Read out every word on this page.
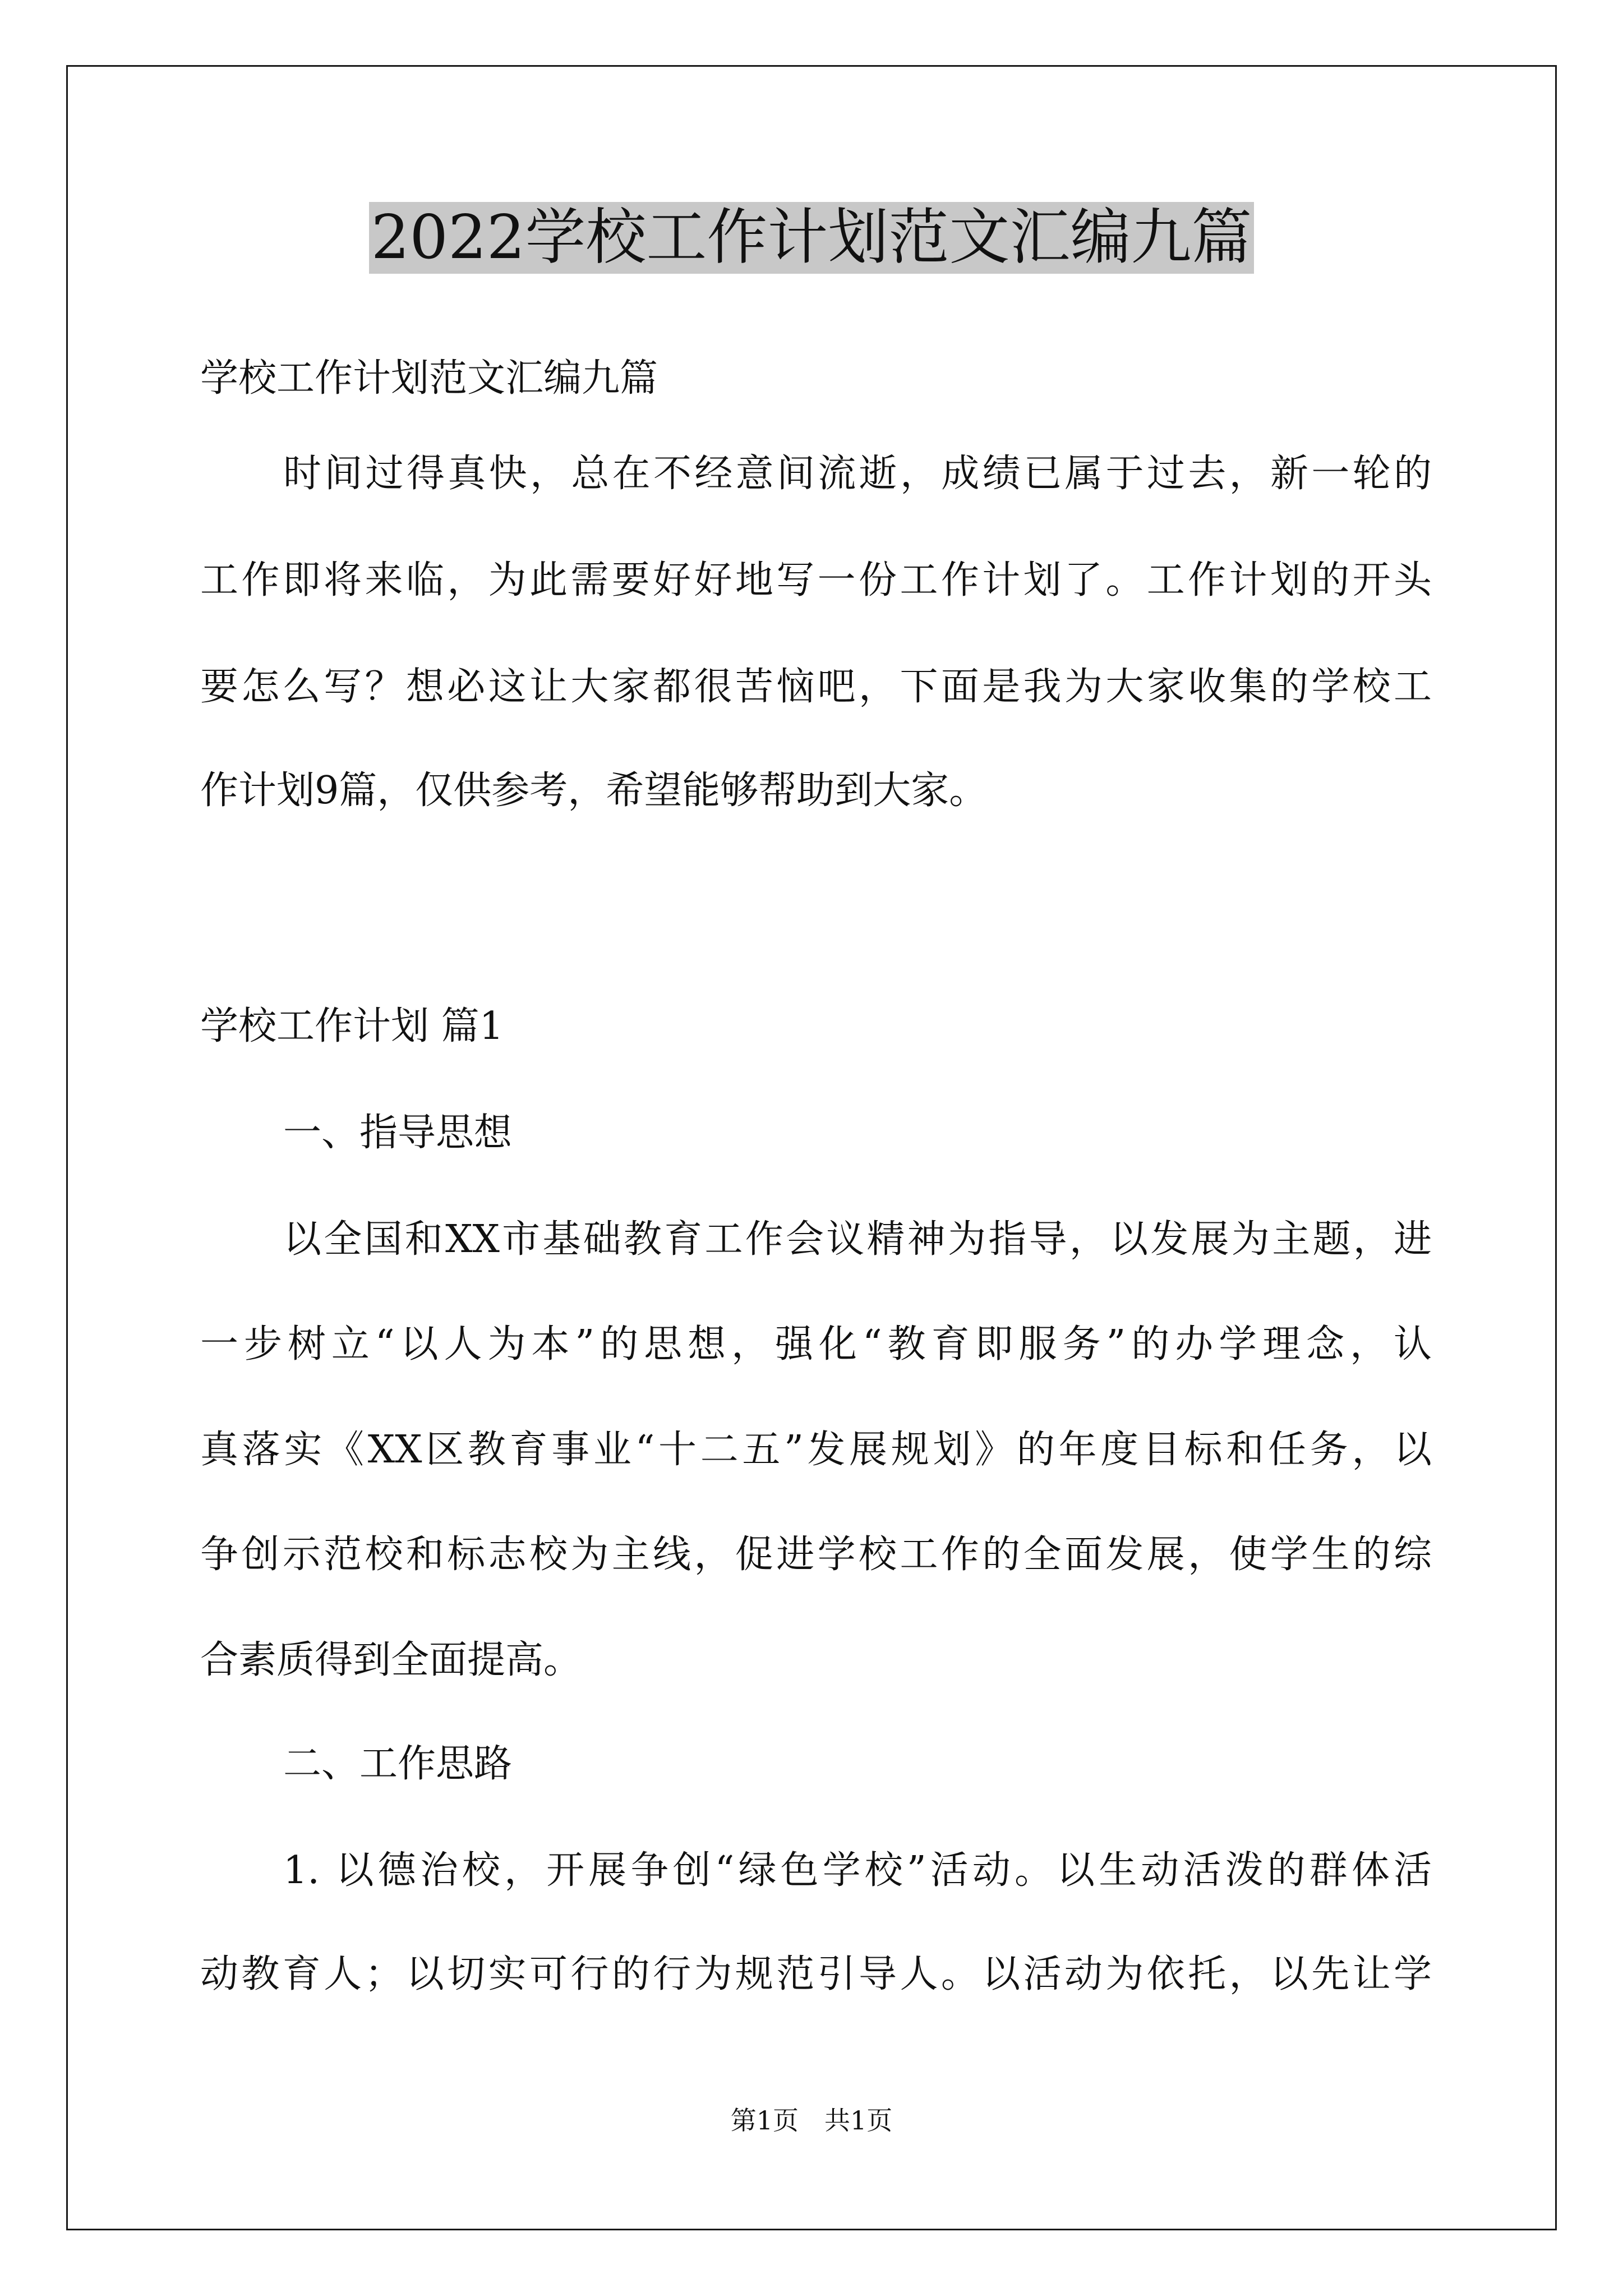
2022学校工作计划范文汇编九篇
学校工作计划范文汇编九篇
时间过得真快，总在不经意间流逝，成绩已属于过去，新一轮的
工作即将来临，为此需要好好地写一份工作计划了。工作计划的开头
要怎么写？想必这让大家都很苦恼吧，下面是我为大家收集的学校工
作计划9篇，仅供参考，希望能够帮助到大家。
学校工作计划 篇1
一、指导思想
以全国和XX市基础教育工作会议精神为指导，以发展为主题，进
一步树立“以人为本”的思想，强化“教育即服务”的办学理念，认
真落实《XX区教育事业“十二五”发展规划》的年度目标和任务，以
争创示范校和标志校为主线，促进学校工作的全面发展，使学生的综
合素质得到全面提高。
二、工作思路
1. 以德治校，开展争创“绿色学校”活动。以生动活泼的群体活
动教育人；以切实可行的行为规范引导人。以活动为依托，以先让学
第1页 共1页
